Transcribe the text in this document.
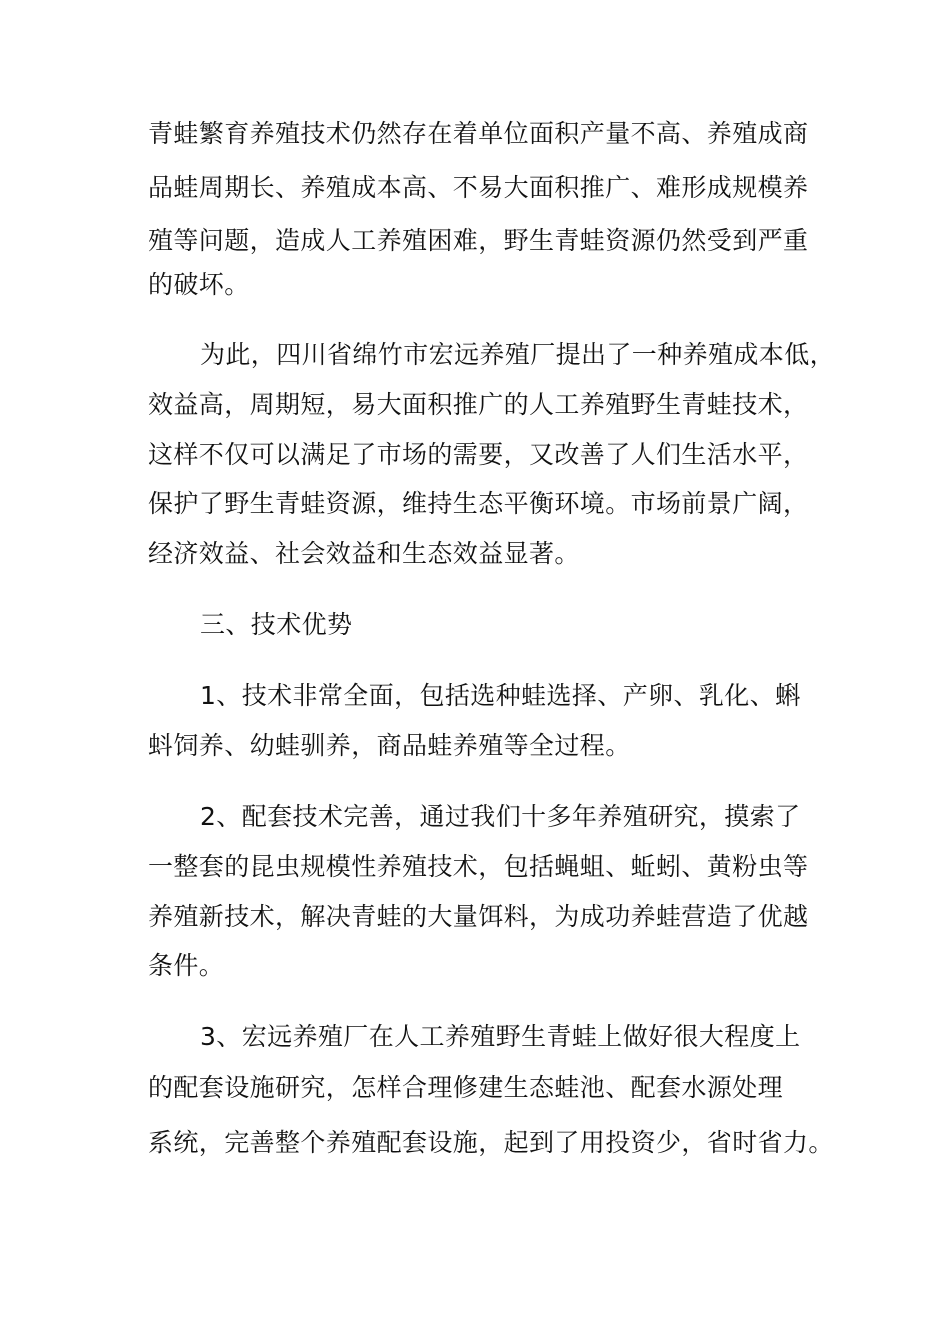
青蛙繁育养殖技术仍然存在着单位面积产量不高、养殖成商
品蛙周期长、养殖成本高、不易大面积推广、难形成规模养
殖等问题，造成人工养殖困难，野生青蛙资源仍然受到严重
的破坏。
为此，四川省绵竹市宏远养殖厂提出了一种养殖成本低，
效益高，周期短，易大面积推广的人工养殖野生青蛙技术，
这样不仅可以满足了市场的需要，又改善了人们生活水平，
保护了野生青蛙资源，维持生态平衡环境。市场前景广阔，
经济效益、社会效益和生态效益显著。
三、技术优势
1、技术非常全面，包括选种蛙选择、产卵、乳化、蝌
蚪饲养、幼蛙驯养，商品蛙养殖等全过程。
2、配套技术完善，通过我们十多年养殖研究，摸索了
一整套的昆虫规模性养殖技术，包括蝇蛆、蚯蚓、黄粉虫等
养殖新技术，解决青蛙的大量饵料，为成功养蛙营造了优越
条件。
3、宏远养殖厂在人工养殖野生青蛙上做好很大程度上
的配套设施研究，怎样合理修建生态蛙池、配套水源处理
系统，完善整个养殖配套设施，起到了用投资少，省时省力。
